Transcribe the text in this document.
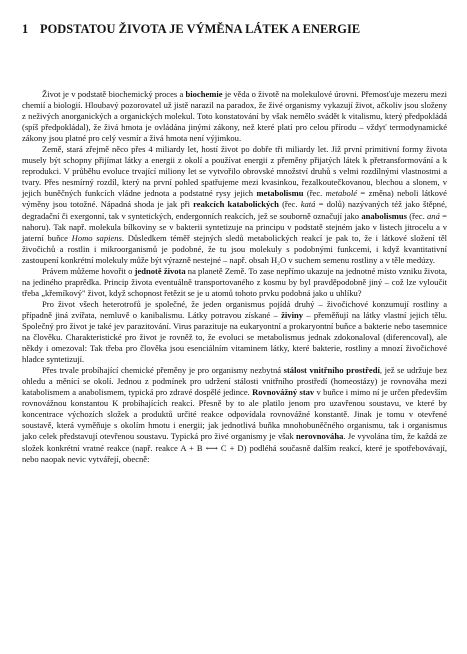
1 PODSTATOU ŽIVOTA JE VÝMĚNA LÁTEK A ENERGIE

Život je v podstatě biochemický proces a biochemie je věda o životě na molekulové úrovni. Přemosťuje mezeru mezi chemií a biologií. Hloubavý pozorovatel už jistě narazil na paradox, že živé organismy vykazují život, ačkoliv jsou složeny z neživých anorganických a organických molekul. Toto konstatování by však nemělo svádět k vitalismu, který předpokládá (spíš předpokládal), že živá hmota je ovládána jinými zákony, než které platí pro celou přírodu – vždyť termodynamické zákony jsou platné pro celý vesmír a živá hmota není výjimkou.

Země, stará zřejmě něco přes 4 miliardy let, hostí život po dobře tři miliardy let. Již první primitivní formy života musely být schopny přijímat látky a energii z okolí a používat energii z přeměny přijatých látek k přetransformování a k reprodukci. V průběhu evoluce trvající miliony let se vytvořilo obrovské množství druhů s velmi rozdílnými vlastnostmi a tvary. Přes nesmírný rozdíl, který na první pohled spatřujeme mezi kvasinkou, řezalkoutečkovanou, blechou a slonem, v jejich buněčných funkcích vládne jednota a podstatné rysy jejich metabolismu (řec. metabolé = změna) neboli látkové výměny jsou totožné. Nápadná shoda je jak při reakcích katabolických (řec. katá = dolů) nazývaných též jako štěpné, degradační či exergonní, tak v syntetických, endergonních reakcích, jež se souborně označují jako anabolismus (řec. aná = nahoru). Tak např. molekula bílkoviny se v bakterii syntetizuje na principu v podstatě stejném jako v listech jitrocelu a v jaterní buňce Homo sapiens. Důsledkem téměř stejných sledů metabolických reakcí je pak to, že i látkové složení těl živočichů a rostlin i mikroorganismů je podobné, že tu jsou molekuly s podobnými funkcemi, i když kvantitativní zastoupení konkrétní molekuly může být výrazně nestejné – např. obsah H₂O v suchem semenu rostliny a v těle medúzy.

Právem můžeme hovořit o jednotě života na planetě Země. To zase nepřímo ukazuje na jednotné místo vzniku života, na jediného praprědka. Princip života eventuálně transportovaného z kosmu by byl pravděpodobně jiný – což lze vyloučit třeba „křemíkový" život, když schopnost řetězit se je u atomů tohoto prvku podobná jako u uhlíku?

Pro život všech heterotrofů je společné, že jeden organismus pojídá druhý – živočichové konzumují rostliny a případně jiná zvířata, nemluvě o kanibalismu. Látky potravou získané – živiny – přeměňují na látky vlastní jejich tělu. Společný pro život je také jev parazitování. Virus parazituje na eukaryontní a prokaryontní buňce a bakterie nebo tasemnice na člověku. Charakteristické pro život je rovněž to, že evoluci se metabolismus jednak zdokonaloval (diferencoval), ale někdy i omezoval: Tak třeba pro člověka jsou esenciálním vitaminem látky, které bakterie, rostliny a mnozí živočichové hladce syntetizují.

Přes trvale probíhající chemické přeměny je pro organismy nezbytná stálost vnitřního prostředí, jež se udržuje bez ohledu a měnící se okolí. Jednou z podmínek pro udržení stálosti vnitřního prostředí (homeostázy) je rovnováha mezi katabolismem a anabolismem, typická pro zdravé dospělé jedince. Rovnovážný stav v buňce i mimo ní je určen především rovnovážnou konstantou K probíhajících reakcí. Přesně by to ale platilo jenom pro uzavřenou soustavu, ve které by koncentrace výchozích složek a produktů určité reakce odpovídala rovnovážné konstantě. Jinak je tomu v otevřené soustavě, která vyměňuje s okolím hmotu i energii; jak jednotlivá buňka mnohobuněčného organismu, tak i organismus jako celek představují otevřenou soustavu. Typická pro živé organismy je však nerovnováha. Je vyvolána tím, že každá ze složek konkrétní vratné reakce (např. reakce A + B ⟷ C + D) podléhá současně dalším reakcí, které je spotřebovávají, nebo naopak nevic vytvářejí, obecně:
